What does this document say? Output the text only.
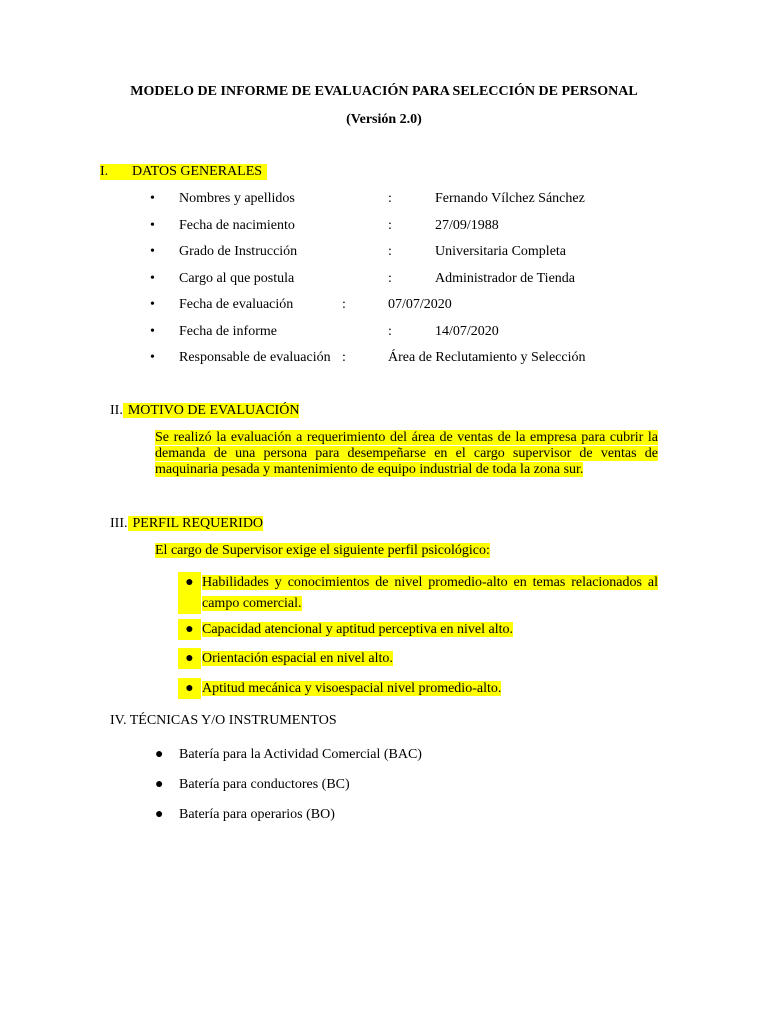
MODELO DE INFORME DE EVALUACIÓN PARA SELECCIÓN DE PERSONAL
(Versión 2.0)
I. DATOS GENERALES
• Nombres y apellidos	:	Fernando Vílchez Sánchez
• Fecha de nacimiento	:	27/09/1988
• Grado de Instrucción	:	Universitaria Completa
• Cargo al que postula	:	Administrador de Tienda
• Fecha de evaluación	:	07/07/2020
• Fecha de informe	:	14/07/2020
• Responsable de evaluación :	Área de Reclutamiento y Selección
II. MOTIVO DE EVALUACIÓN
Se realizó la evaluación a requerimiento del área de ventas de la empresa para cubrir la demanda de una persona para desempeñarse en el cargo supervisor de ventas de maquinaria pesada y mantenimiento de equipo industrial de toda la zona sur.
III. PERFIL REQUERIDO
El cargo de Supervisor exige el siguiente perfil psicológico:
● Habilidades y conocimientos de nivel promedio-alto en temas relacionados al campo comercial.
● Capacidad atencional y aptitud perceptiva en nivel alto.
● Orientación espacial en nivel alto.
● Aptitud mecánica y visoespacial nivel promedio-alto.
IV. TÉCNICAS Y/O INSTRUMENTOS
● Batería para la Actividad Comercial (BAC)
● Batería para conductores (BC)
● Batería para operarios (BO)
